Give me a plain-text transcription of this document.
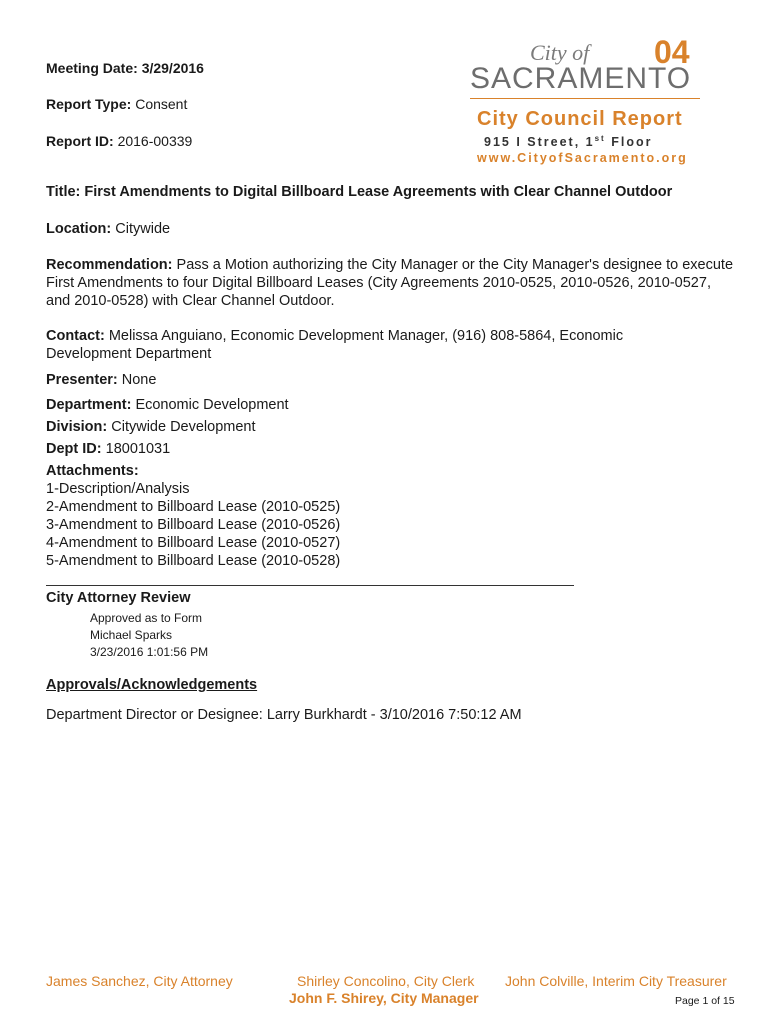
Meeting Date: 3/29/2016
Report Type: Consent
Report ID: 2016-00339
City of 04
SACRAMENTO
City Council Report
915 I Street, 1st Floor
www.CityofSacramento.org
Title: First Amendments to Digital Billboard Lease Agreements with Clear Channel Outdoor
Location: Citywide
Recommendation: Pass a Motion authorizing the City Manager or the City Manager's designee to execute First Amendments to four Digital Billboard Leases (City Agreements 2010-0525, 2010-0526, 2010-0527, and 2010-0528) with Clear Channel Outdoor.
Contact: Melissa Anguiano, Economic Development Manager, (916) 808-5864, Economic Development Department
Presenter: None
Department: Economic Development
Division: Citywide Development
Dept ID: 18001031
Attachments:
1-Description/Analysis
2-Amendment to Billboard Lease (2010-0525)
3-Amendment to Billboard Lease (2010-0526)
4-Amendment to Billboard Lease (2010-0527)
5-Amendment to Billboard Lease (2010-0528)
City Attorney Review
Approved as to Form
Michael Sparks
3/23/2016 1:01:56 PM
Approvals/Acknowledgements
Department Director or Designee: Larry Burkhardt - 3/10/2016 7:50:12 AM
James Sanchez, City Attorney	Shirley Concolino, City Clerk
John F. Shirey, City Manager
John Colville, Interim City Treasurer
Page 1 of 15
